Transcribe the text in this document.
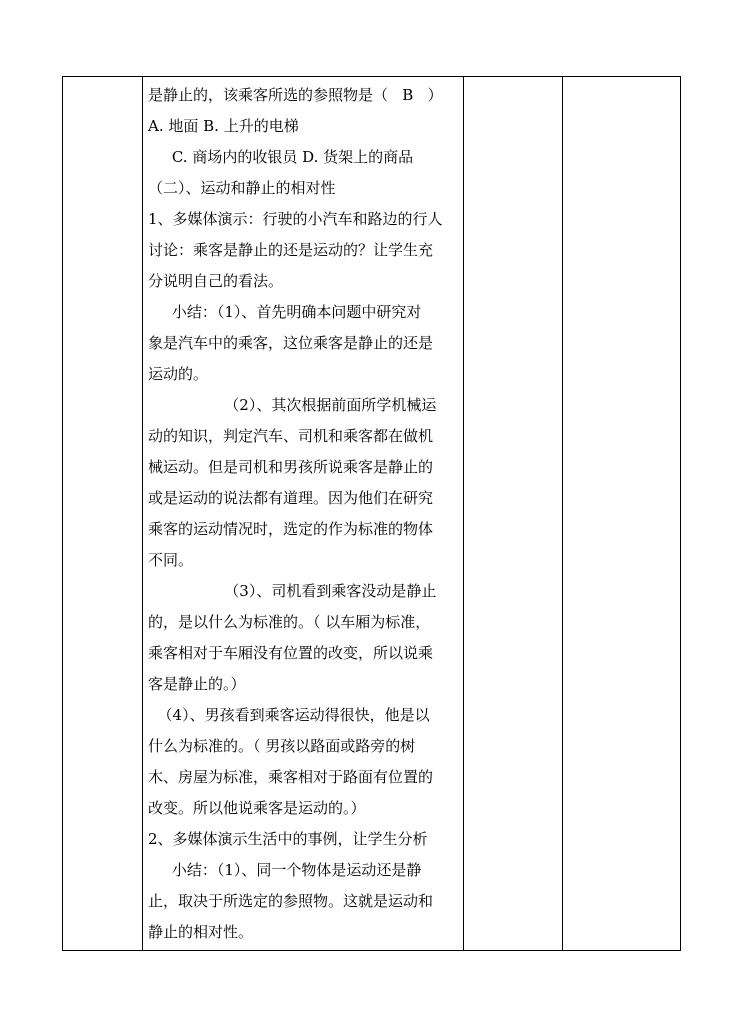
是静止的，该乘客所选的参照物是（   B   ）
A. 地面 B. 上升的电梯
C. 商场内的收银员 D. 货架上的商品
（二）、运动和静止的相对性
1、多媒体演示：行驶的小汽车和路边的行人
讨论：乘客是静止的还是运动的？让学生充
分说明自己的看法。
小结：（1）、首先明确本问题中研究对
象是汽车中的乘客，这位乘客是静止的还是
运动的。
（2）、其次根据前面所学机械运
动的知识，判定汽车、司机和乘客都在做机
械运动。但是司机和男孩所说乘客是静止的
或是运动的说法都有道理。因为他们在研究
乘客的运动情况时，选定的作为标准的物体
不同。
（3）、司机看到乘客没动是静止
的，是以什么为标准的。（ 以车厢为标准，
乘客相对于车厢没有位置的改变，所以说乘
客是静止的。）
（4）、男孩看到乘客运动得很快，他是以
什么为标准的。（ 男孩以路面或路旁的树
木、房屋为标准，乘客相对于路面有位置的
改变。所以他说乘客是运动的。）
2、多媒体演示生活中的事例，让学生分析
小结：（1）、同一个物体是运动还是静
止，取决于所选定的参照物。这就是运动和
静止的相对性。
